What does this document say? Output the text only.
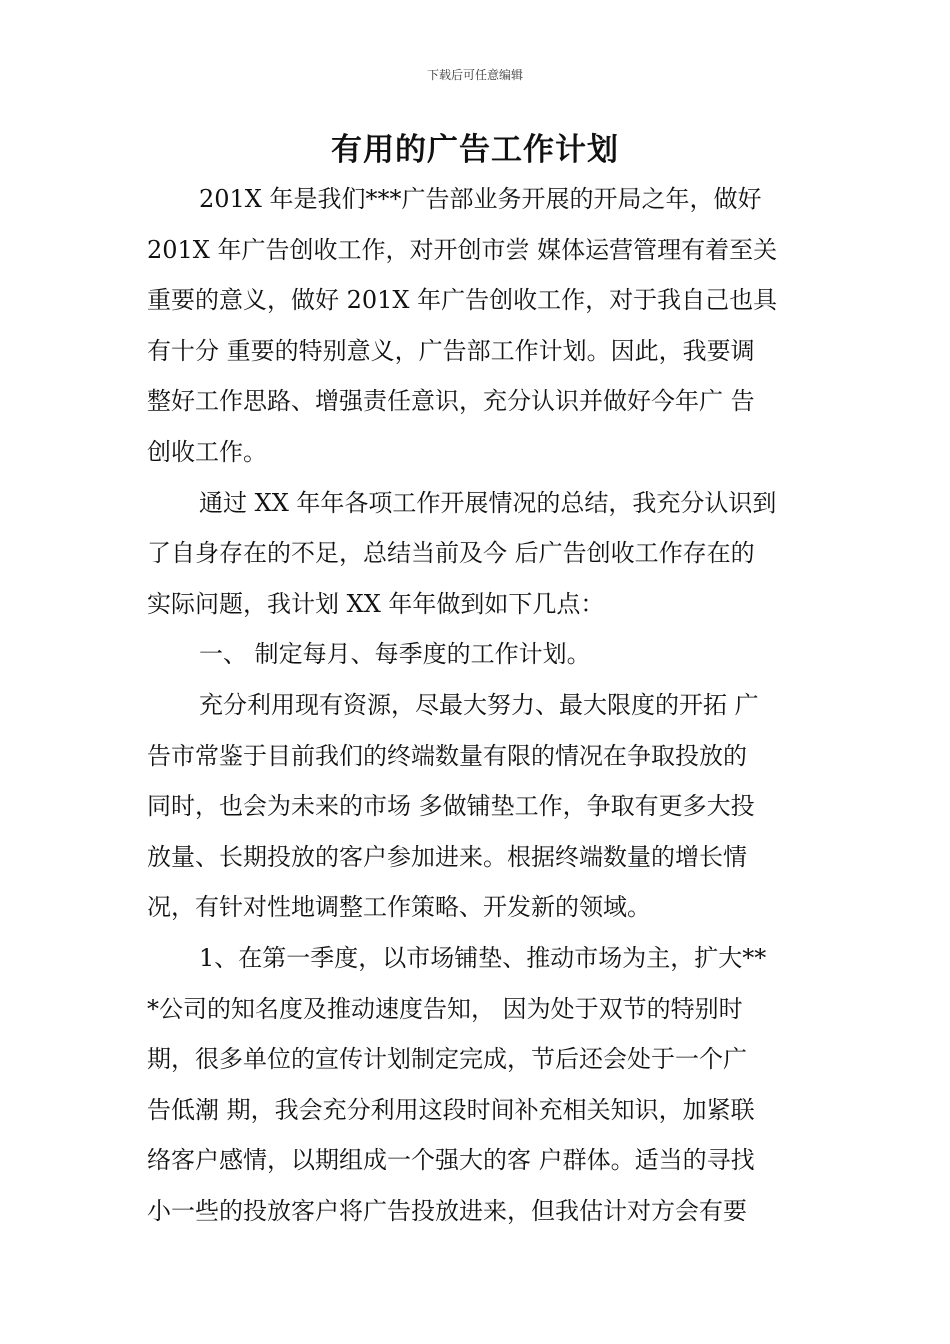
下载后可任意编辑
有用的广告工作计划
201X 年是我们***广告部业务开展的开局之年，做好
201X 年广告创收工作，对开创市尝 媒体运营管理有着至关
重要的意义，做好 201X 年广告创收工作，对于我自己也具
有十分 重要的特别意义，广告部工作计划。因此，我要调
整好工作思路、增强责任意识，充分认识并做好今年广 告
创收工作。
通过 XX 年年各项工作开展情况的总结，我充分认识到
了自身存在的不足，总结当前及今 后广告创收工作存在的
实际问题，我计划 XX 年年做到如下几点：
一、 制定每月、每季度的工作计划。
充分利用现有资源，尽最大努力、最大限度的开拓 广
告市常鉴于目前我们的终端数量有限的情况在争取投放的
同时，也会为未来的市场 多做铺垫工作，争取有更多大投
放量、长期投放的客户参加进来。根据终端数量的增长情
况，有针对性地调整工作策略、开发新的领域。
1、在第一季度，以市场铺垫、推动市场为主，扩大**
*公司的知名度及推动速度告知， 因为处于双节的特别时
期，很多单位的宣传计划制定完成，节后还会处于一个广
告低潮 期，我会充分利用这段时间补充相关知识，加紧联
络客户感情，以期组成一个强大的客 户群体。适当的寻找
小一些的投放客户将广告投放进来，但我估计对方会有要
